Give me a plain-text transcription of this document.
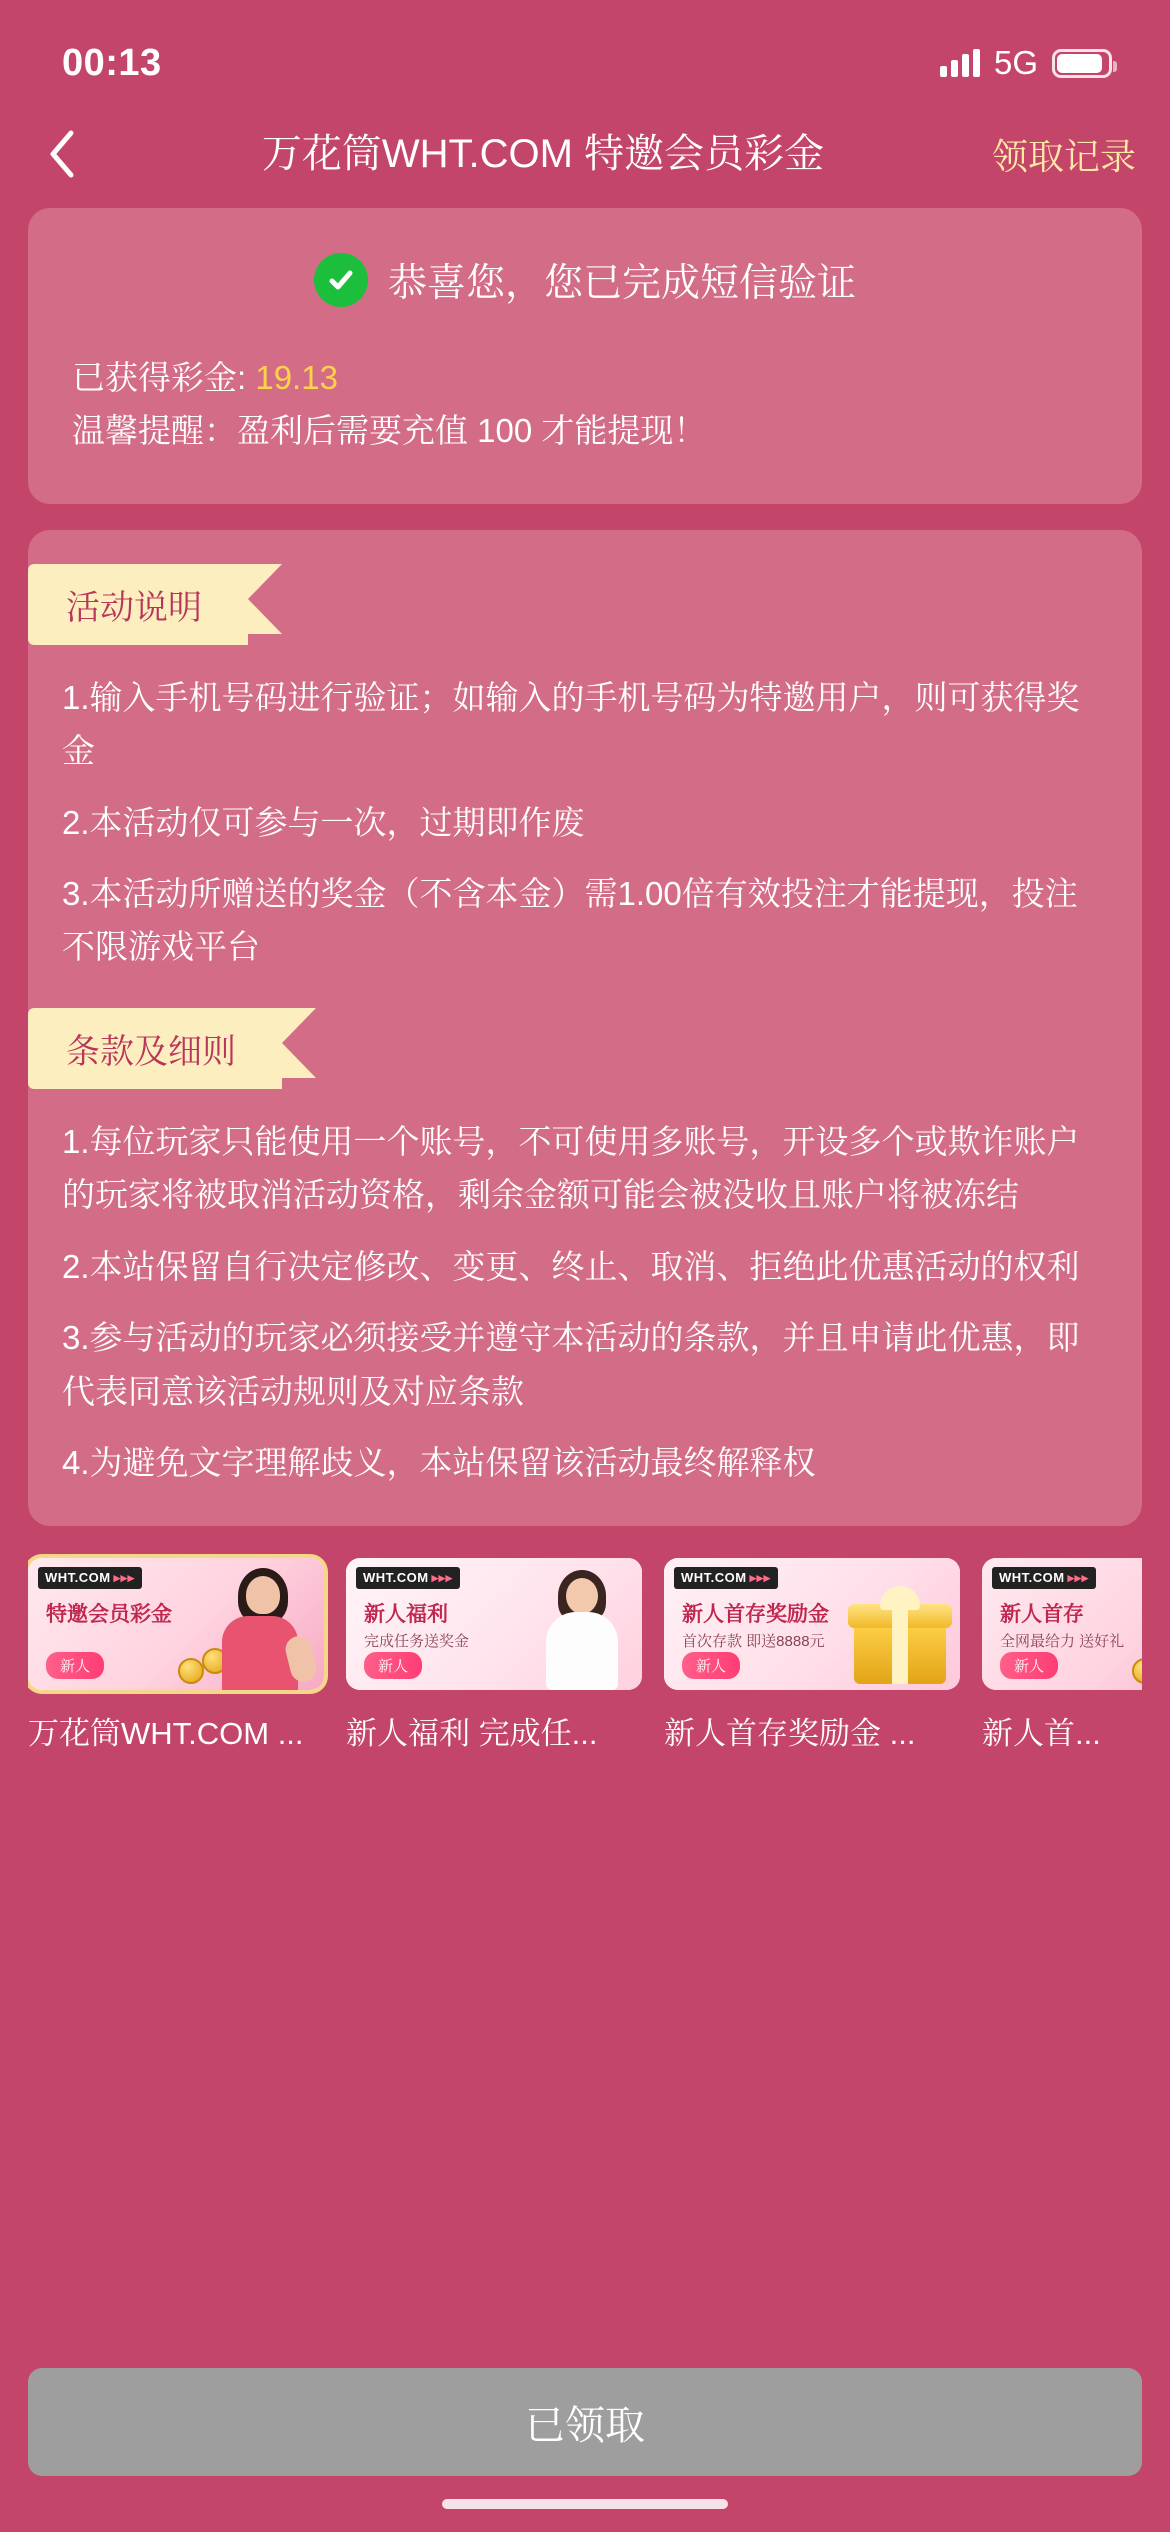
00:13	5G
万花筒WHT.COM 特邀会员彩金	领取记录
恭喜您，您已完成短信验证
已获得彩金: 19.13
温馨提醒：盈利后需要充值 100 才能提现！
活动说明

1.输入手机号码进行验证；如输入的手机号码为特邀用户，则可获得奖金

2.本活动仅可参与一次，过期即作废

3.本活动所赠送的奖金（不含本金）需1.00倍有效投注才能提现，投注不限游戏平台

条款及细则

1.每位玩家只能使用一个账号，不可使用多账号，开设多个或欺诈账户的玩家将被取消活动资格，剩余金额可能会被没收且账户将被冻结

2.本站保留自行决定修改、变更、终止、取消、拒绝此优惠活动的权利

3.参与活动的玩家必须接受并遵守本活动的条款，并且申请此优惠，即代表同意该活动规则及对应条款

4.为避免文字理解歧义，本站保留该活动最终解释权

WHT.COM ▸▸▸
特邀会员彩金
新人
万花筒WHT.COM ...
WHT.COM ▸▸▸
新人福利
完成任务送奖金
新人
新人福利 完成任...
WHT.COM ▸▸▸
新人首存奖励金
首次存款 即送8888元
新人
新人首存奖励金 ...
WHT.COM ▸▸▸
新人首存
全网最给力 送好礼
新人
新人首...
已领取
